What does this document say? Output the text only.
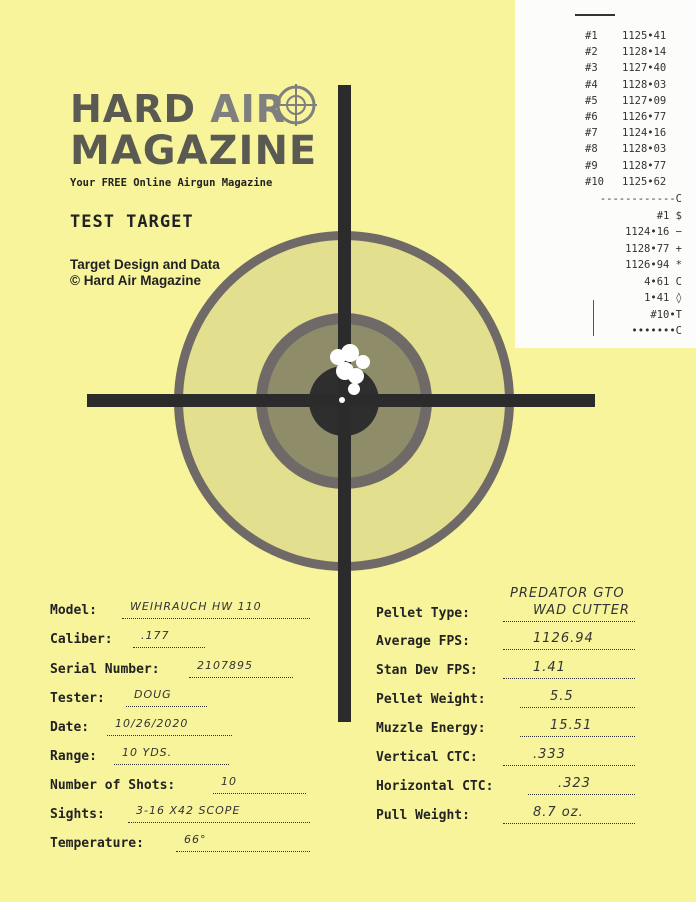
HARD AIR
MAGAZINE
Your FREE Online Airgun Magazine
TEST TARGET
Target Design and Data
© Hard Air Magazine
#1 1125•41
#2 1128•14
#3 1127•40
#4 1128•03
#5 1127•09
#6 1126•77
#7 1124•16
#8 1128•03
#9 1128•77
#10 1125•62
------------C
#1 $
1124•16 −
1128•77 +
1126•94 *
4•61 C
1•41 ◊
#10•T
•••••••C
Model:	WEIHRAUCH HW 110
Caliber:	.177
Serial Number:	2107895
Tester:	DOUG
Date: 10/26/2020
Range: 10 YDS.
Number of Shots:	10
Sights:	3-16 X42 SCOPE
Temperature:	66°
Pellet Type:	WAD CUTTER
PREDATOR GTO
Average FPS:	1126.94
Stan Dev FPS:	1.41
Pellet Weight:	5.5
Muzzle Energy:	15.51
Vertical CTC:	.333
Horizontal CTC:	.323
Pull Weight:	8.7 oz.
